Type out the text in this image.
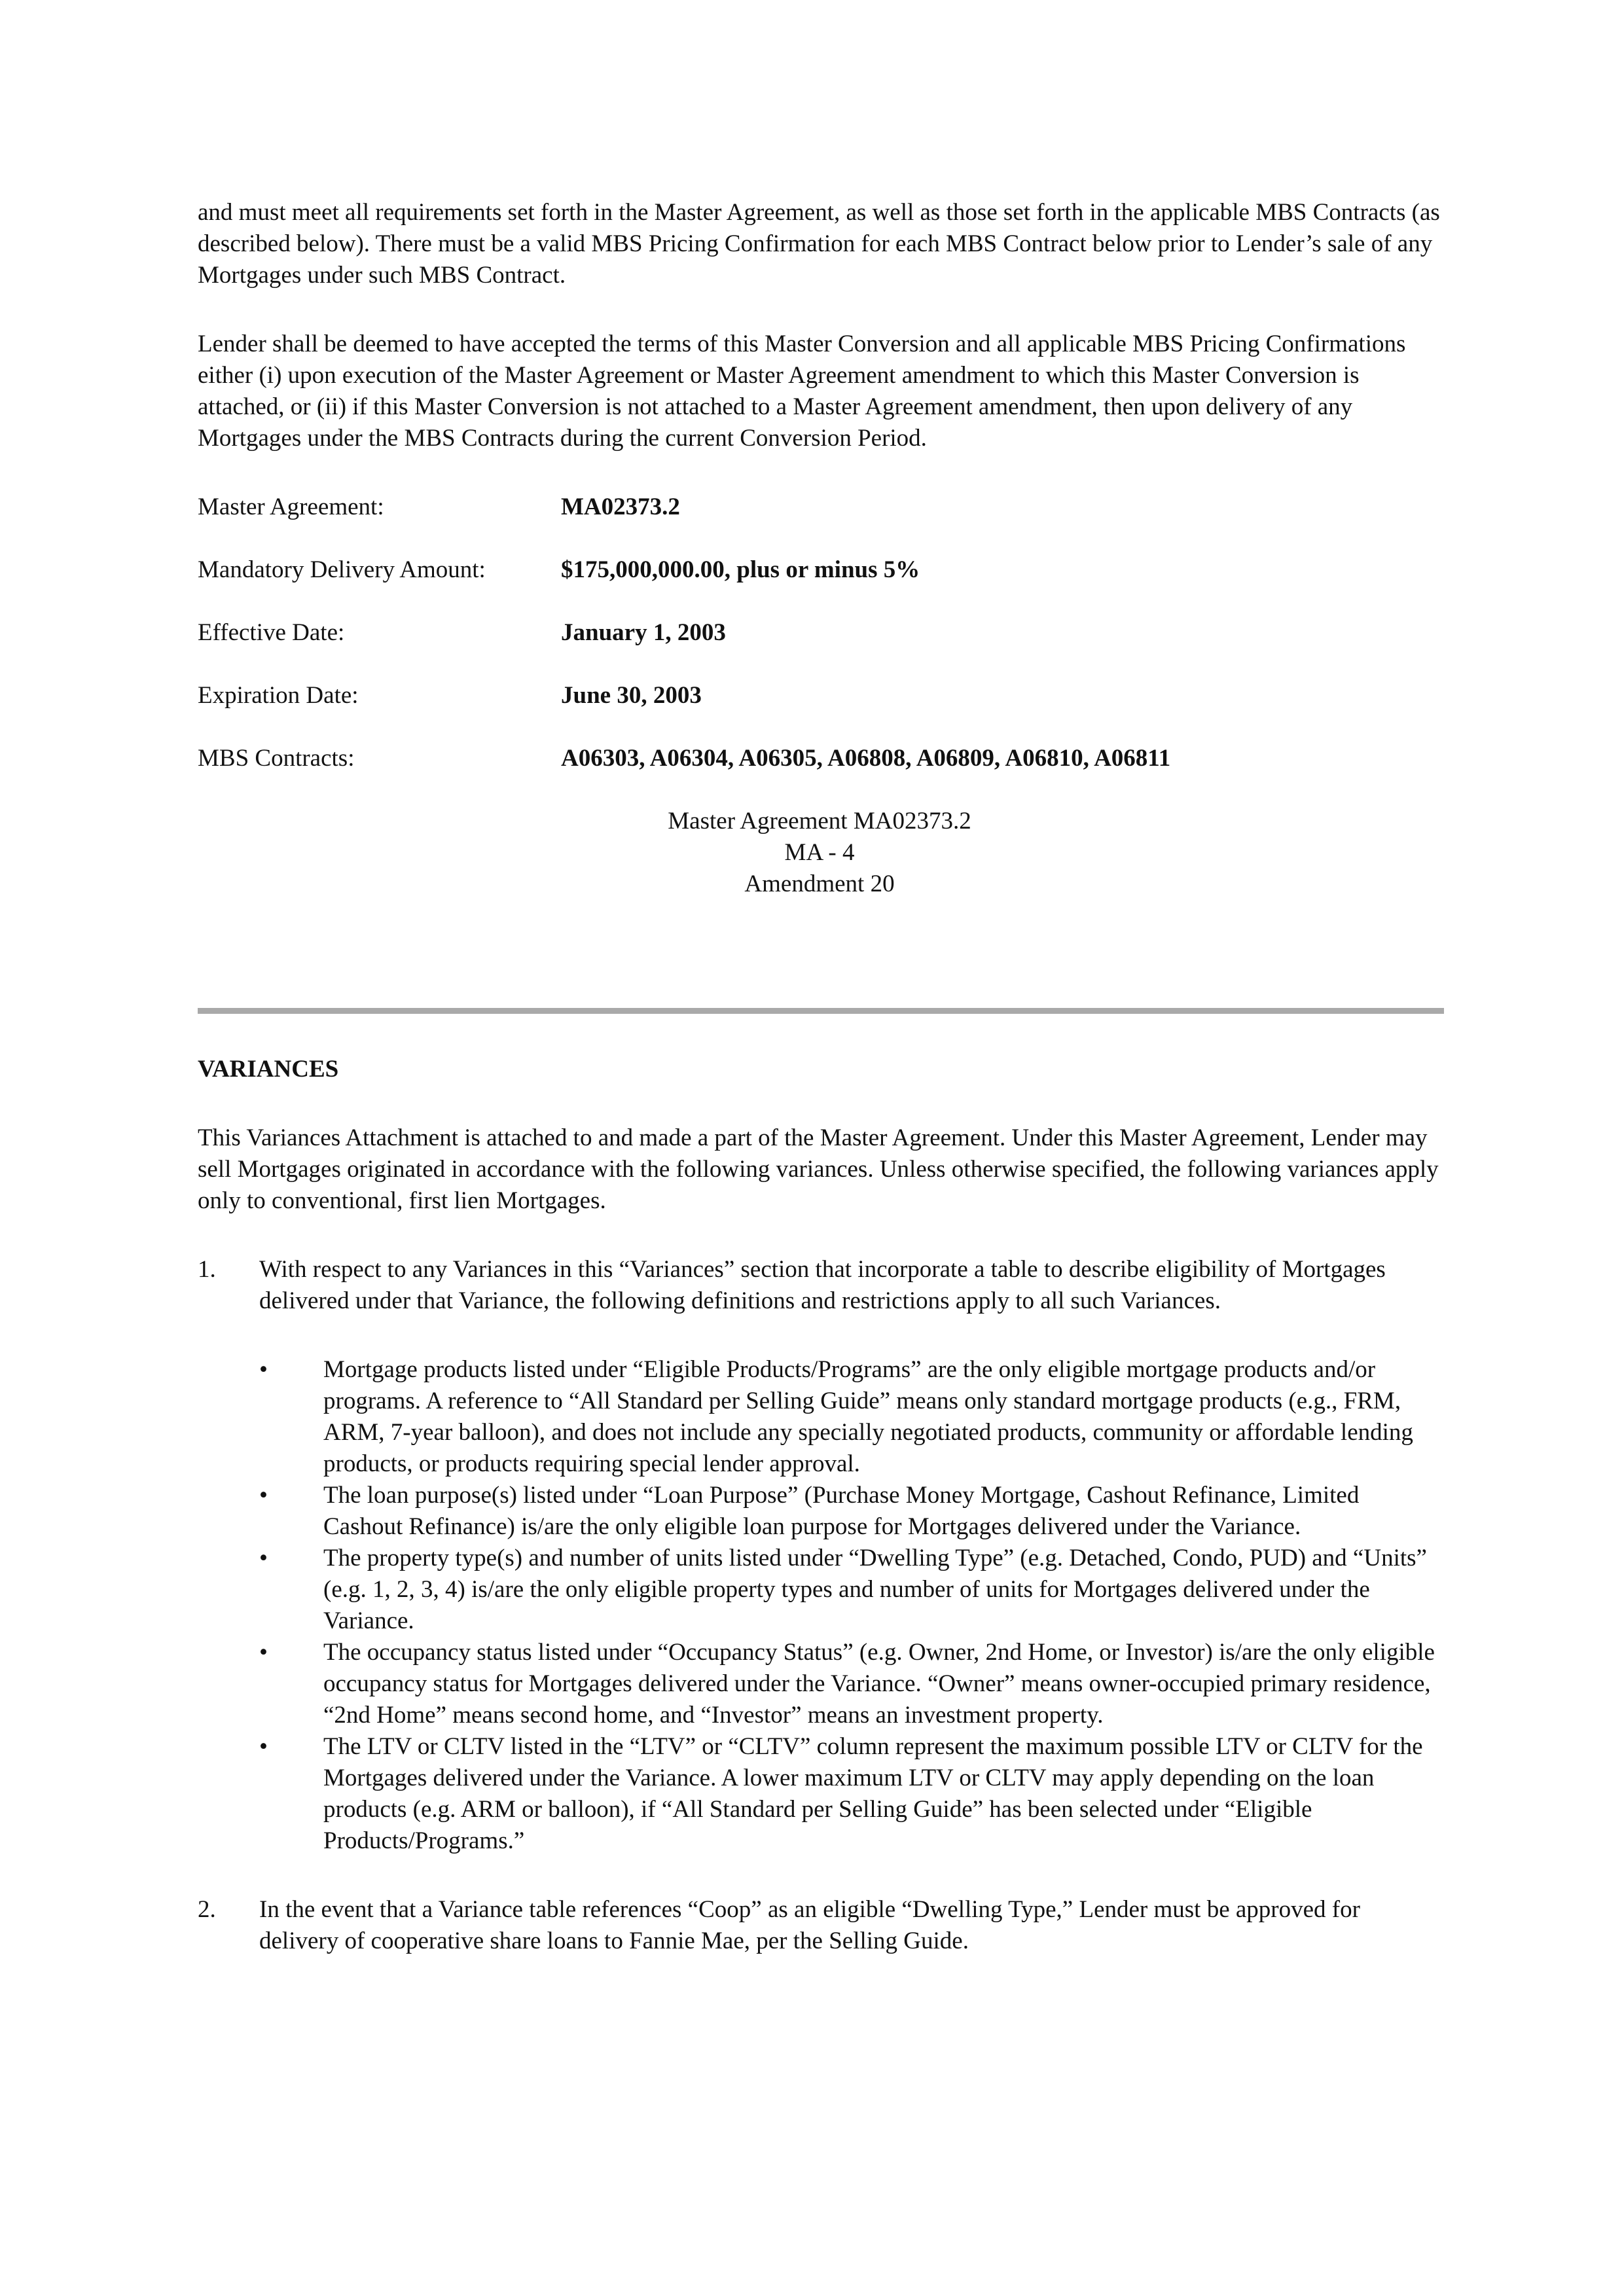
and must meet all requirements set forth in the Master Agreement, as well as those set forth in the applicable MBS Contracts (as described below). There must be a valid MBS Pricing Confirmation for each MBS Contract below prior to Lender’s sale of any Mortgages under such MBS Contract.

Lender shall be deemed to have accepted the terms of this Master Conversion and all applicable MBS Pricing Confirmations either (i) upon execution of the Master Agreement or Master Agreement amendment to which this Master Conversion is attached, or (ii) if this Master Conversion is not attached to a Master Agreement amendment, then upon delivery of any Mortgages under the MBS Contracts during the current Conversion Period.

Master Agreement:	MA02373.2
Mandatory Delivery Amount:	$175,000,000.00, plus or minus 5%
Effective Date:	January 1, 2003
Expiration Date:	June 30, 2003
MBS Contracts:	A06303, A06304, A06305, A06808, A06809, A06810, A06811

Master Agreement MA02373.2

MA - 4

Amendment 20

VARIANCES

This Variances Attachment is attached to and made a part of the Master Agreement. Under this Master Agreement, Lender may sell Mortgages originated in accordance with the following variances. Unless otherwise specified, the following variances apply only to conventional, first lien Mortgages.

1.	With respect to any Variances in this “Variances” section that incorporate a table to describe eligibility of Mortgages delivered under that Variance, the following definitions and restrictions apply to all such Variances.

•	Mortgage products listed under “Eligible Products/Programs” are the only eligible mortgage products and/or programs. A reference to “All Standard per Selling Guide” means only standard mortgage products (e.g., FRM, ARM, 7-year balloon), and does not include any specially negotiated products, community or affordable lending products, or products requiring special lender approval.
•	The loan purpose(s) listed under “Loan Purpose” (Purchase Money Mortgage, Cashout Refinance, Limited Cashout Refinance) is/are the only eligible loan purpose for Mortgages delivered under the Variance.
•	The property type(s) and number of units listed under “Dwelling Type” (e.g. Detached, Condo, PUD) and “Units” (e.g. 1, 2, 3, 4) is/are the only eligible property types and number of units for Mortgages delivered under the Variance.
•	The occupancy status listed under “Occupancy Status” (e.g. Owner, 2nd Home, or Investor) is/are the only eligible occupancy status for Mortgages delivered under the Variance. “Owner” means owner-occupied primary residence, “2nd Home” means second home, and “Investor” means an investment property.
•	The LTV or CLTV listed in the “LTV” or “CLTV” column represent the maximum possible LTV or CLTV for the Mortgages delivered under the Variance. A lower maximum LTV or CLTV may apply depending on the loan products (e.g. ARM or balloon), if “All Standard per Selling Guide” has been selected under “Eligible Products/Programs.”
2.	In the event that a Variance table references “Coop” as an eligible “Dwelling Type,” Lender must be approved for delivery of cooperative share loans to Fannie Mae, per the Selling Guide.
